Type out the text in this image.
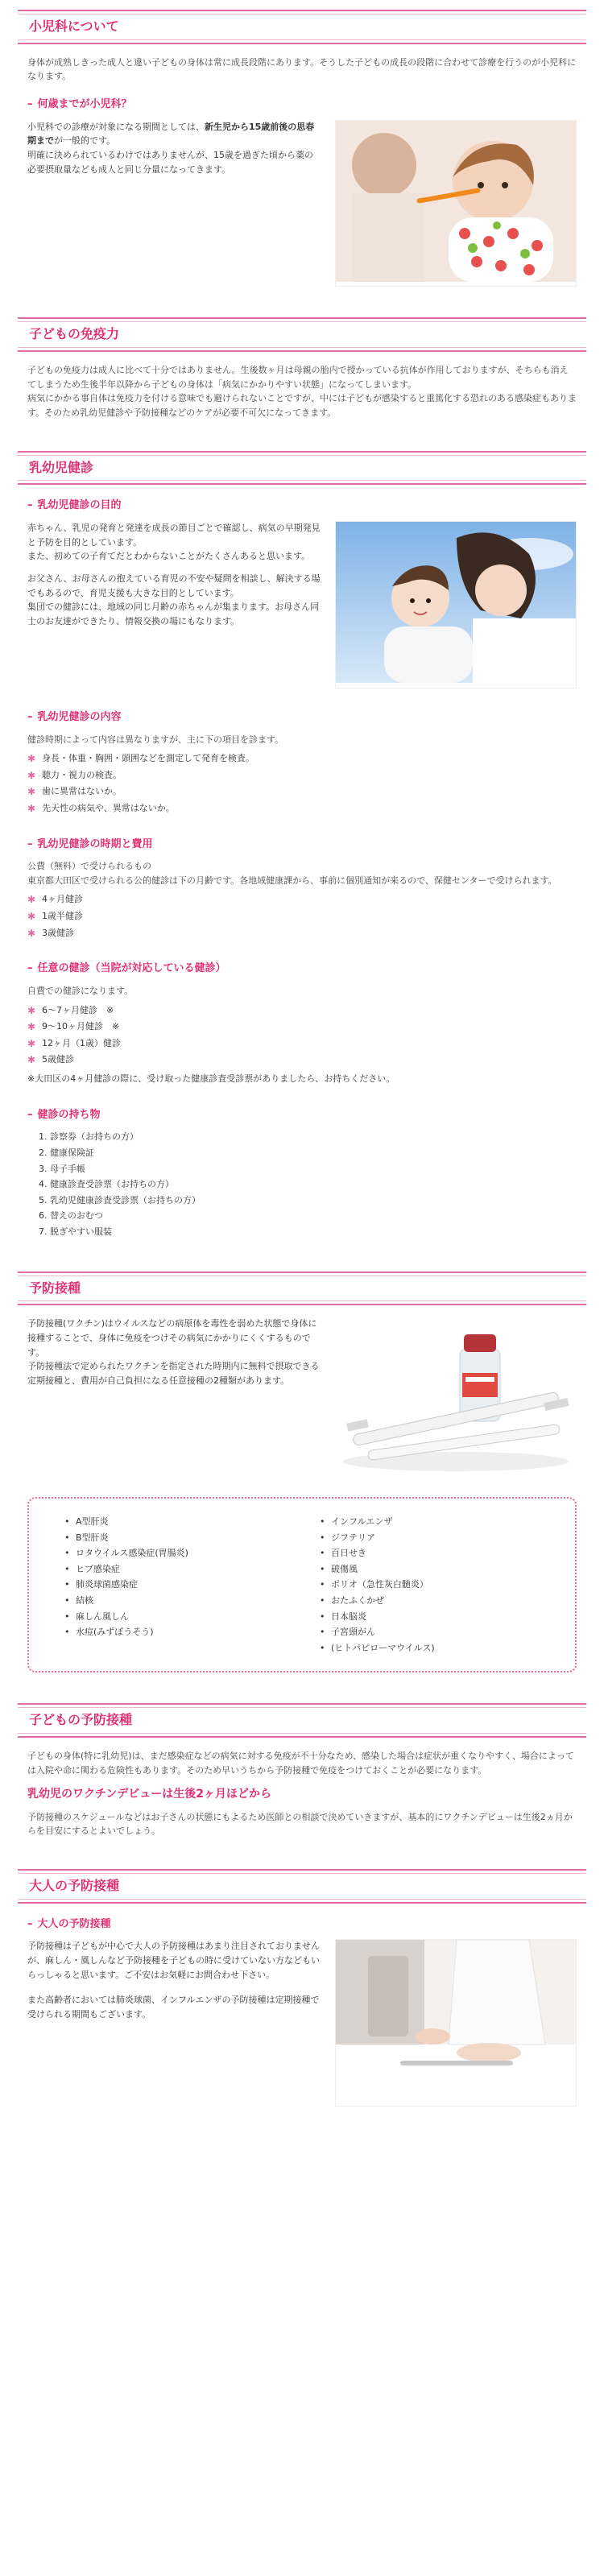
小児科について

身体が成熟しきった成人と違い子どもの身体は常に成長段階にあります。そうした子どもの成長の段階に合わせて診療を行うのが小児科になります。

– 何歳までが小児科？

小児科での診療が対象になる期間としては、新生児から15歳前後の思春期までが一般的です。

明確に決められているわけではありませんが、15歳を過ぎた頃から薬の必要摂取量なども成人と同じ分量になってきます。

子どもの免疫力

子どもの免疫力は成人に比べて十分ではありません。生後数ヶ月は母親の胎内で授かっている抗体が作用しておりますが、そちらも消えてしまうため生後半年以降から子どもの身体は「病気にかかりやすい状態」になってしまいます。

病気にかかる事自体は免疫力を付ける意味でも避けられないことですが、中には子どもが感染すると重篤化する恐れのある感染症もあります。そのため乳幼児健診や予防接種などのケアが必要不可欠になってきます。

乳幼児健診
– 乳幼児健診の目的

赤ちゃん、乳児の発育と発達を成長の節目ごとで確認し、病気の早期発見と予防を目的としています。

また、初めての子育てだとわからないことがたくさんあると思います。

お父さん、お母さんの抱えている育児の不安や疑問を相談し、解決する場でもあるので、育児支援も大きな目的としています。

集団での健診には、地域の同じ月齢の赤ちゃんが集まります。お母さん同士のお友達ができたり、情報交換の場にもなります。

– 乳幼児健診の内容

健診時期によって内容は異なりますが、主に下の項目を診ます。

✱ 身長・体重・胸囲・頭囲などを測定して発育を検査。
✱ 聴力・視力の検査。
✱ 歯に異常はないか。
✱ 先天性の病気や、異常はないか。
– 乳幼児健診の時期と費用

公費（無料）で受けられるもの

東京都大田区で受けられる公的健診は下の月齢です。各地域健康課から、事前に個別通知が来るので、保健センターで受けられます。

✱ 4ヶ月健診
✱ 1歳半健診
✱ 3歳健診
– 任意の健診（当院が対応している健診）

自費での健診になります。

✱ 6〜7ヶ月健診　※
✱ 9〜10ヶ月健診　※
✱ 12ヶ月（1歳）健診
✱ 5歳健診

※大田区の4ヶ月健診の際に、受け取った健康診査受診票がありましたら、お持ちください。

– 健診の持ち物
1. 診察券（お持ちの方）
2. 健康保険証
3. 母子手帳
4. 健康診査受診票（お持ちの方）
5. 乳幼児健康診査受診票（お持ちの方）
6. 替えのおむつ
7. 脱ぎやすい服装
予防接種

予防接種(ワクチン)はウイルスなどの病原体を毒性を弱めた状態で身体に接種することで、身体に免疫をつけその病気にかかりにくくするものです。

予防接種法で定められたワクチンを指定された時期内に無料で摂取できる定期接種と、費用が自己負担になる任意接種の2種類があります。

• A型肝炎
• B型肝炎
• ロタウイルス感染症(胃腸炎)
• ヒブ感染症
• 肺炎球菌感染症
• 結核
• 麻しん風しん
• 水痘(みずぼうそう)
• インフルエンザ
• ジフテリア
• 百日せき
• 破傷風
• ポリオ（急性灰白髄炎）
• おたふくかぜ
• 日本脳炎
• 子宮頸がん
• (ヒトパピローマウイルス)
子どもの予防接種

子どもの身体(特に乳幼児)は、まだ感染症などの病気に対する免疫が不十分なため、感染した場合は症状が重くなりやすく、場合によっては入院や命に関わる危険性もあります。そのため早いうちから予防接種で免疫をつけておくことが必要になります。

乳幼児のワクチンデビューは生後2ヶ月ほどから

予防接種のスケジュールなどはお子さんの状態にもよるため医師との相談で決めていきますが、基本的にワクチンデビューは生後2ヵ月からを目安にするとよいでしょう。

大人の予防接種
– 大人の予防接種

予防接種は子どもが中心で大人の予防接種はあまり注目されておりませんが、麻しん・風しんなど予防接種を子どもの時に受けていない方などもいらっしゃると思います。ご不安はお気軽にお問合わせ下さい。

また高齢者においては肺炎球菌、インフルエンザの予防接種は定期接種で受けられる期間もございます。
